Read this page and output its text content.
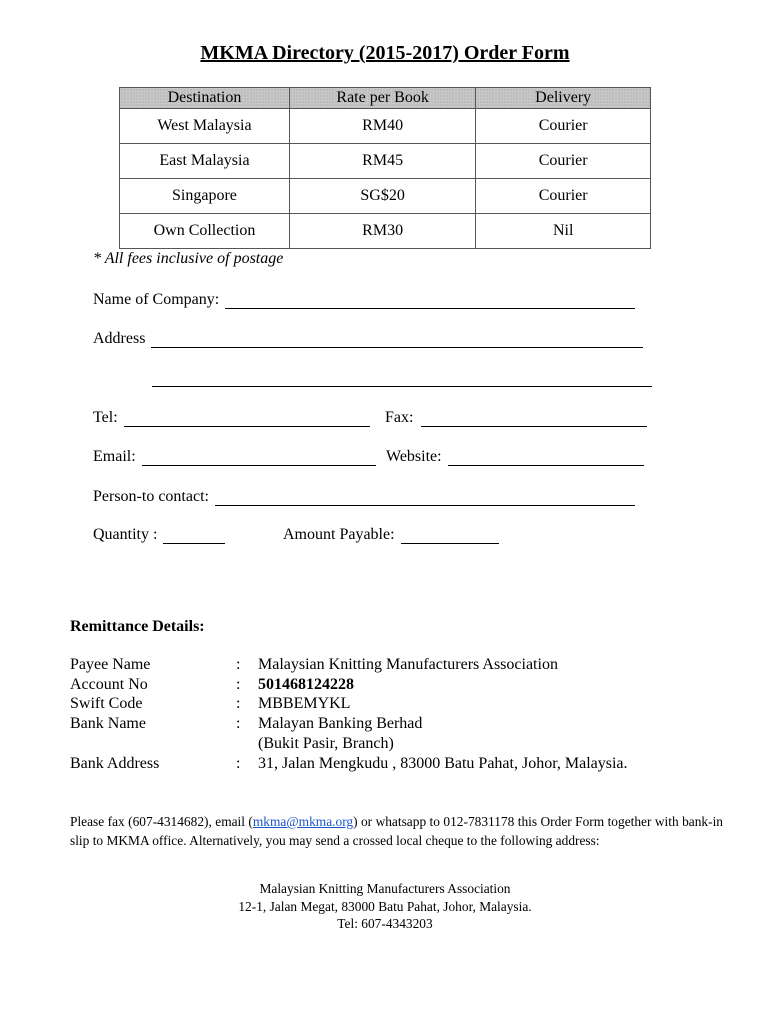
MKMA Directory (2015-2017) Order Form
Destination	Rate per Book	Delivery
West Malaysia	RM40	Courier
East Malaysia	RM45	Courier
Singapore	SG$20	Courier
Own Collection	RM30	Nil
* All fees inclusive of postage
Name of Company:
Address
Tel:	Fax:
Email:	Website:
Person-to contact:
Quantity :	Amount Payable:
Remittance Details:
Payee Name	:	Malaysian Knitting Manufacturers Association
Account No	:	501468124228
Swift Code	:	MBBEMYKL
Bank Name	:	Malayan Banking Berhad
(Bukit Pasir, Branch)
Bank Address	:	31, Jalan Mengkudu , 83000 Batu Pahat, Johor, Malaysia.
Please fax (607-4314682), email (mkma@mkma.org) or whatsapp to 012-7831178 this Order Form together with bank-in slip to MKMA office. Alternatively, you may send a crossed local cheque to the following address:
Malaysian Knitting Manufacturers Association
12-1, Jalan Megat, 83000 Batu Pahat, Johor, Malaysia.
Tel: 607-4343203
